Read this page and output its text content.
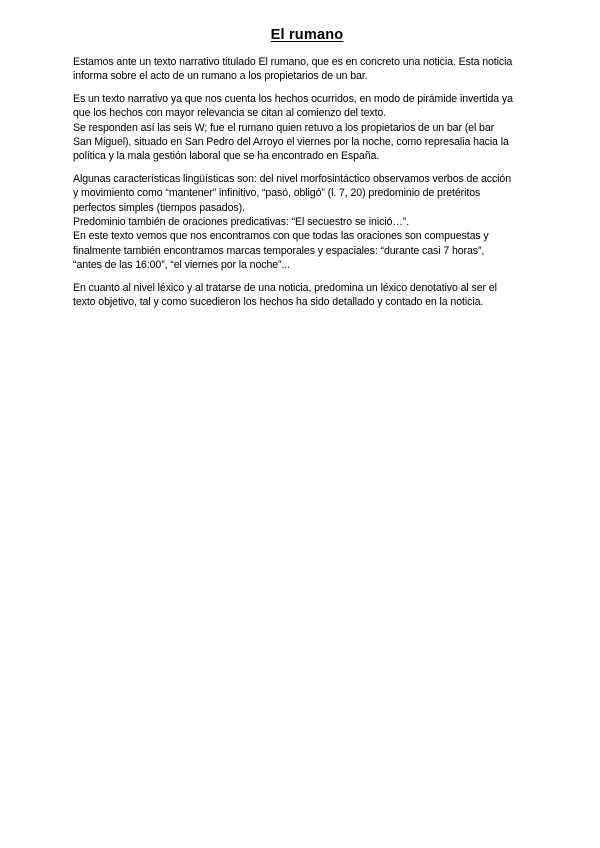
El rumano

Estamos ante un texto narrativo titulado El rumano, que es en concreto una noticia. Esta noticia
informa sobre el acto de un rumano a los propietarios de un bar.

Es un texto narrativo ya que nos cuenta los hechos ocurridos, en modo de pirámide invertida ya
que los hechos con mayor relevancia se citan al comienzo del texto.
Se responden así las seis W; fue el rumano quien retuvo a los propietarios de un bar (el bar
San Miguel), situado en San Pedro del Arroyo el viernes por la noche, como represalia hacia la
política y la mala gestión laboral que se ha encontrado en España.

Algunas características lingüísticas son: del nivel morfosintáctico observamos verbos de acción
y movimiento como “mantener” infinitivo, “pasó, obligó” (l. 7, 20) predominio de pretéritos
perfectos simples (tiempos pasados).
Predominio también de oraciones predicativas: “El secuestro se inició…”.
En este texto vemos que nos encontramos con que todas las oraciones son compuestas y
finalmente también encontramos marcas temporales y espaciales: “durante casi 7 horas”,
“antes de las 16:00”, “el viernes por la noche”...

En cuanto al nivel léxico y al tratarse de una noticia, predomina un léxico denotativo al ser el
texto objetivo, tal y como sucedieron los hechos ha sido detallado y contado en la noticia.
